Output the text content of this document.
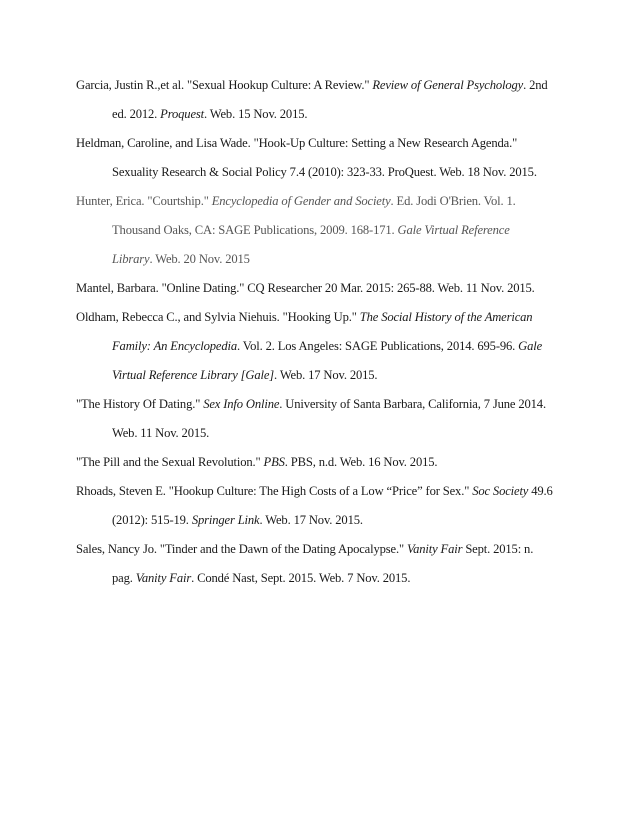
Garcia, Justin R.,et al. "Sexual Hookup Culture: A Review." Review of General Psychology. 2nd
ed. 2012. Proquest. Web. 15 Nov. 2015.
Heldman, Caroline, and Lisa Wade. "Hook-Up Culture: Setting a New Research Agenda."
Sexuality Research & Social Policy 7.4 (2010): 323-33. ProQuest. Web. 18 Nov. 2015.
Hunter, Erica. "Courtship." Encyclopedia of Gender and Society. Ed. Jodi O'Brien. Vol. 1.
Thousand Oaks, CA: SAGE Publications, 2009. 168-171. Gale Virtual Reference
Library. Web. 20 Nov. 2015
Mantel, Barbara. "Online Dating." CQ Researcher 20 Mar. 2015: 265-88. Web. 11 Nov. 2015.
Oldham, Rebecca C., and Sylvia Niehuis. "Hooking Up." The Social History of the American
Family: An Encyclopedia. Vol. 2. Los Angeles: SAGE Publications, 2014. 695-96. Gale
Virtual Reference Library [Gale]. Web. 17 Nov. 2015.
"The History Of Dating." Sex Info Online. University of Santa Barbara, California, 7 June 2014.
Web. 11 Nov. 2015.
"The Pill and the Sexual Revolution." PBS. PBS, n.d. Web. 16 Nov. 2015.
Rhoads, Steven E. "Hookup Culture: The High Costs of a Low “Price” for Sex." Soc Society 49.6
(2012): 515-19. Springer Link. Web. 17 Nov. 2015.
Sales, Nancy Jo. "Tinder and the Dawn of the Dating Apocalypse." Vanity Fair Sept. 2015: n.
pag. Vanity Fair. Condé Nast, Sept. 2015. Web. 7 Nov. 2015.
